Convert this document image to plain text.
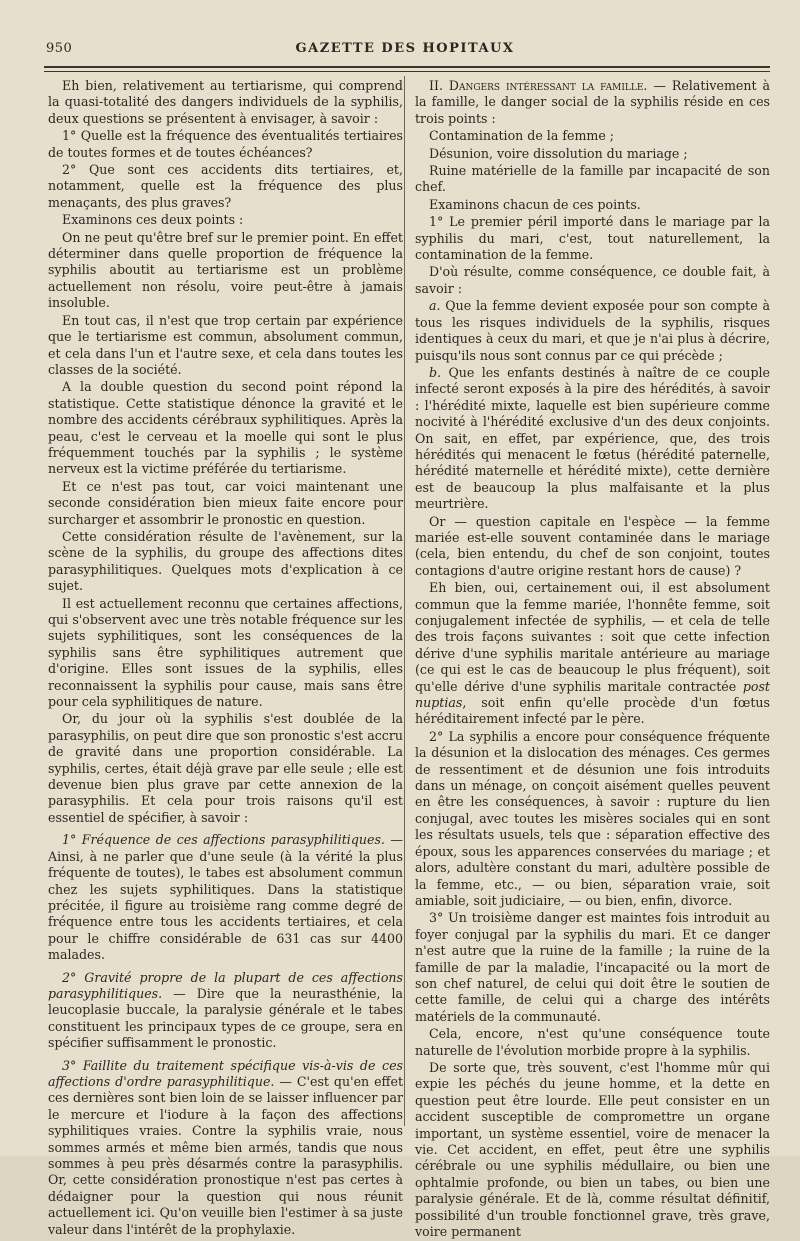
950	GAZETTE DES HOPITAUX

Eh bien, relativement au tertiarisme, qui comprend la quasi-totalité des dangers individuels de la syphilis, deux questions se présentent à envisager, à savoir :

1° Quelle est la fréquence des éventualités tertiaires de toutes formes et de toutes échéances?

2° Que sont ces accidents dits tertiaires, et, notamment, quelle est la fréquence des plus menaçants, des plus graves?

Examinons ces deux points :

On ne peut qu'être bref sur le premier point. En effet déterminer dans quelle proportion de fréquence la syphilis aboutit au tertiarisme est un problème actuellement non résolu, voire peut-être à jamais insoluble.

En tout cas, il n'est que trop certain par expérience que le tertiarisme est commun, absolument commun, et cela dans l'un et l'autre sexe, et cela dans toutes les classes de la société.

A la double question du second point répond la statistique. Cette statistique dénonce la gravité et le nombre des accidents cérébraux syphilitiques. Après la peau, c'est le cerveau et la moelle qui sont le plus fréquemment touchés par la syphilis ; le système nerveux est la victime préférée du tertiarisme.

Et ce n'est pas tout, car voici maintenant une seconde considération bien mieux faite encore pour surcharger et assombrir le pronostic en question.

Cette considération résulte de l'avènement, sur la scène de la syphilis, du groupe des affections dites parasyphilitiques. Quelques mots d'explication à ce sujet.

Il est actuellement reconnu que certaines affections, qui s'observent avec une très notable fréquence sur les sujets syphilitiques, sont les conséquences de la syphilis sans être syphilitiques autrement que d'origine. Elles sont issues de la syphilis, elles reconnaissent la syphilis pour cause, mais sans être pour cela syphilitiques de nature.

Or, du jour où la syphilis s'est doublée de la parasyphilis, on peut dire que son pronostic s'est accru de gravité dans une proportion considérable. La syphilis, certes, était déjà grave par elle seule ; elle est devenue bien plus grave par cette annexion de la parasyphilis. Et cela pour trois raisons qu'il est essentiel de spécifier, à savoir :

1° Fréquence de ces affections parasyphilitiques. — Ainsi, à ne parler que d'une seule (à la vérité la plus fréquente de toutes), le tabes est absolument commun chez les sujets syphilitiques. Dans la statistique précitée, il figure au troisième rang comme degré de fréquence entre tous les accidents tertiaires, et cela pour le chiffre considérable de 631 cas sur 4400 malades.

2° Gravité propre de la plupart de ces affections parasyphilitiques. — Dire que la neurasthénie, la leucoplasie buccale, la paralysie générale et le tabes constituent les principaux types de ce groupe, sera en spécifier suffisamment le pronostic.

3° Faillite du traitement spécifique vis-à-vis de ces affections d'ordre parasyphilitique. — C'est qu'en effet ces dernières sont bien loin de se laisser influencer par le mercure et l'iodure à la façon des affections syphilitiques vraies. Contre la syphilis vraie, nous sommes armés et même bien armés, tandis que nous sommes à peu près désarmés contre la parasyphilis. Or, cette considération pronostique n'est pas certes à dédaigner pour la question qui nous réunit actuellement ici. Qu'on veuille bien l'estimer à sa juste valeur dans l'intérêt de la prophylaxie.

II. Dangers intéressant la famille. — Relativement à la famille, le danger social de la syphilis réside en ces trois points :

Contamination de la femme ;

Désunion, voire dissolution du mariage ;

Ruine matérielle de la famille par incapacité de son chef.

Examinons chacun de ces points.

1° Le premier péril importé dans le mariage par la syphilis du mari, c'est, tout naturellement, la contamination de la femme.

D'où résulte, comme conséquence, ce double fait, à savoir :

a. Que la femme devient exposée pour son compte à tous les risques individuels de la syphilis, risques identiques à ceux du mari, et que je n'ai plus à décrire, puisqu'ils nous sont connus par ce qui précède ;

b. Que les enfants destinés à naître de ce couple infecté seront exposés à la pire des hérédités, à savoir : l'hérédité mixte, laquelle est bien supérieure comme nocivité à l'hérédité exclusive d'un des deux conjoints. On sait, en effet, par expérience, que, des trois hérédités qui menacent le fœtus (hérédité paternelle, hérédité maternelle et hérédité mixte), cette dernière est de beaucoup la plus malfaisante et la plus meurtrière.

Or — question capitale en l'espèce — la femme mariée est-elle souvent contaminée dans le mariage (cela, bien entendu, du chef de son conjoint, toutes contagions d'autre origine restant hors de cause) ?

Eh bien, oui, certainement oui, il est absolument commun que la femme mariée, l'honnête femme, soit conjugalement infectée de syphilis, — et cela de telle des trois façons suivantes : soit que cette infection dérive d'une syphilis maritale antérieure au mariage (ce qui est le cas de beaucoup le plus fréquent), soit qu'elle dérive d'une syphilis maritale contractée post nuptias, soit enfin qu'elle procède d'un fœtus héréditairement infecté par le père.

2° La syphilis a encore pour conséquence fréquente la désunion et la dislocation des ménages. Ces germes de ressentiment et de désunion une fois introduits dans un ménage, on conçoit aisément quelles peuvent en être les conséquences, à savoir : rupture du lien conjugal, avec toutes les misères sociales qui en sont les résultats usuels, tels que : séparation effective des époux, sous les apparences conservées du mariage ; et alors, adultère constant du mari, adultère possible de la femme, etc., — ou bien, séparation vraie, soit amiable, soit judiciaire, — ou bien, enfin, divorce.

3° Un troisième danger est maintes fois introduit au foyer conjugal par la syphilis du mari. Et ce danger n'est autre que la ruine de la famille ; la ruine de la famille de par la maladie, l'incapacité ou la mort de son chef naturel, de celui qui doit être le soutien de cette famille, de celui qui a charge des intérêts matériels de la communauté.

Cela, encore, n'est qu'une conséquence toute naturelle de l'évolution morbide propre à la syphilis.

De sorte que, très souvent, c'est l'homme mûr qui expie les péchés du jeune homme, et la dette en question peut être lourde. Elle peut consister en un accident susceptible de compromettre un organe important, un système essentiel, voire de menacer la vie. Cet accident, en effet, peut être une syphilis cérébrale ou une syphilis médullaire, ou bien une ophtalmie profonde, ou bien un tabes, ou bien une paralysie générale. Et de là, comme résultat définitif, possibilité d'un trouble fonctionnel grave, très grave, voire permanent
